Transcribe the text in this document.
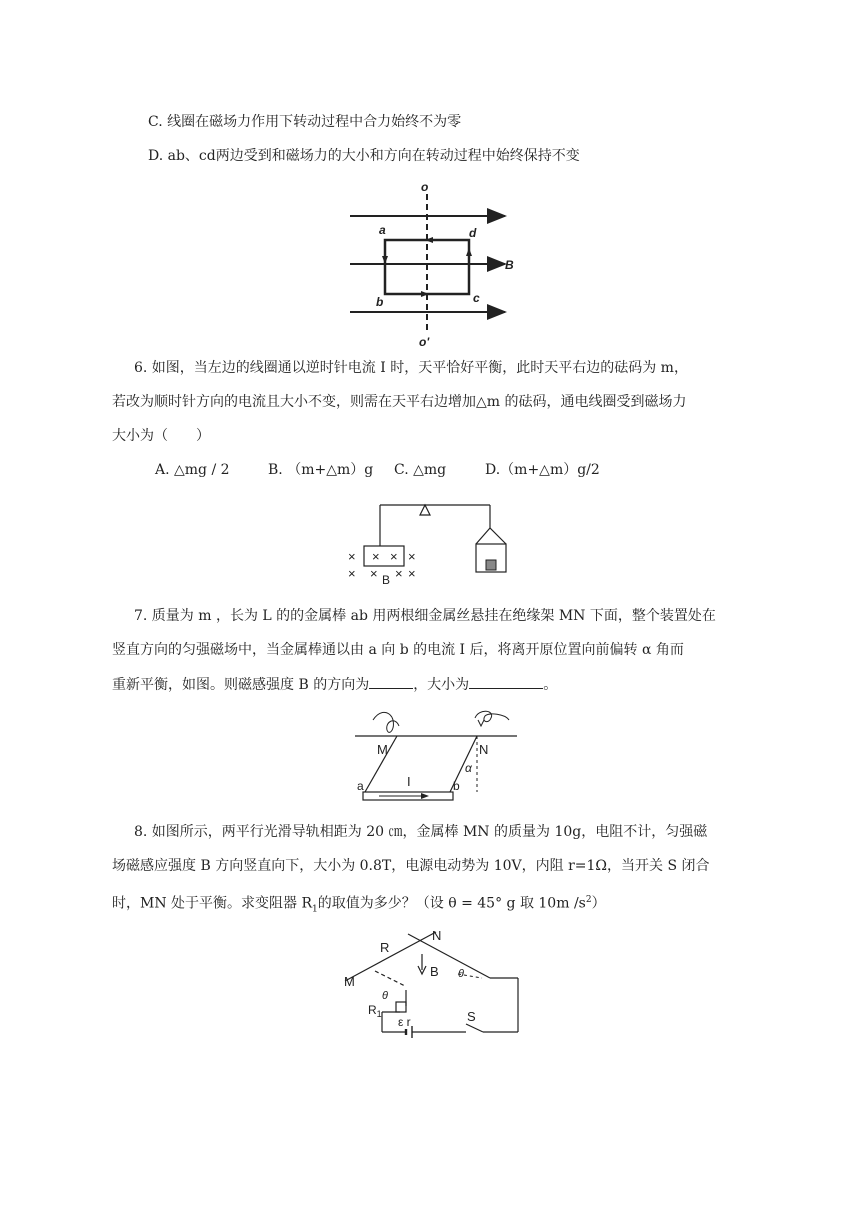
C. 线圈在磁场力作用下转动过程中合力始终不为零
D. ab、cd两边受到和磁场力的大小和方向在转动过程中始终保持不变
o
o'
a	d
b	c
B
6. 如图，当左边的线圈通以逆时针电流 I 时，天平恰好平衡，此时天平右边的砝码为 m，
若改为顺时针方向的电流且大小不变，则需在天平右边增加△m 的砝码，通电线圈受到磁场力
大小为（　　）
A. △mg / 2	B. （m+△m）g C. △mg	D.（m+△m）g/2
× × × ×
× × × ×
B
7. 质量为 m ，长为 L 的的金属棒 ab 用两根细金属丝悬挂在绝缘架 MN 下面，整个装置处在
竖直方向的匀强磁场中，当金属棒通以由 a 向 b 的电流 I 后，将离开原位置向前偏转 α 角而
重新平衡，如图。则磁感强度 B 的方向为	，大小为	。
M	N
α
a	b
I
8. 如图所示，两平行光滑导轨相距为 20 ㎝，金属棒 MN 的质量为 10g，电阻不计，匀强磁
场磁感应强度 B 方向竖直向下，大小为 0.8T，电源电动势为 10V，内阻 r=1Ω，当开关 S 闭合
时，MN 处于平衡。求变阻器 $R_1$的取值为多少？（设 θ = 45° g 取 10m $/s^2$）
R
N
M
B θ
θ
$R_1$
ε r	S
